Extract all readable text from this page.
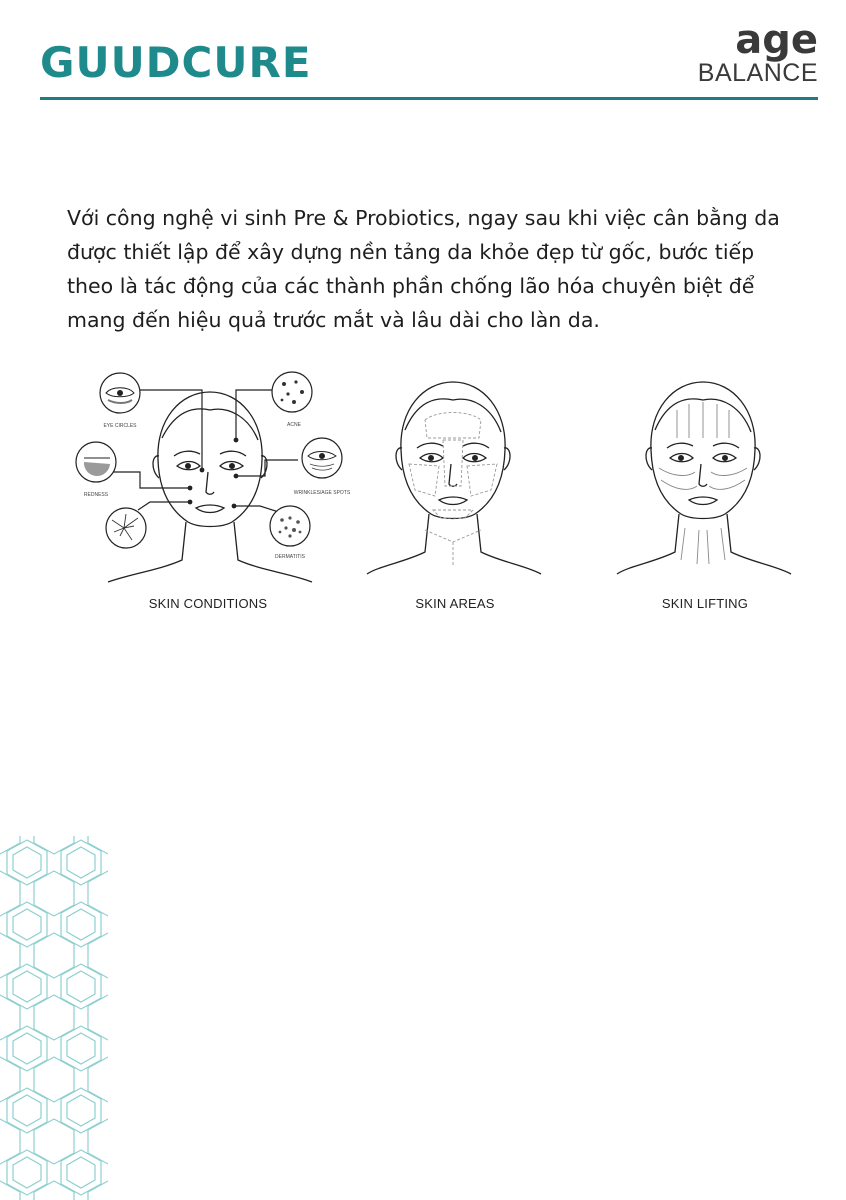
GUUDCURE	age
BALANCE

Với công nghệ vi sinh Pre & Probiotics, ngay sau khi việc cân bằng da được thiết lập để xây dựng nền tảng da khỏe đẹp từ gốc, bước tiếp theo là tác động của các thành phần chống lão hóa chuyên biệt để mang đến hiệu quả trước mắt và lâu dài cho làn da.

EYE CIRCLES	ACNE
REDNESS	WRINKLES/AGE SPOTS
DERMATITIS
SKIN CONDITIONS	SKIN AREAS	SKIN LIFTING
